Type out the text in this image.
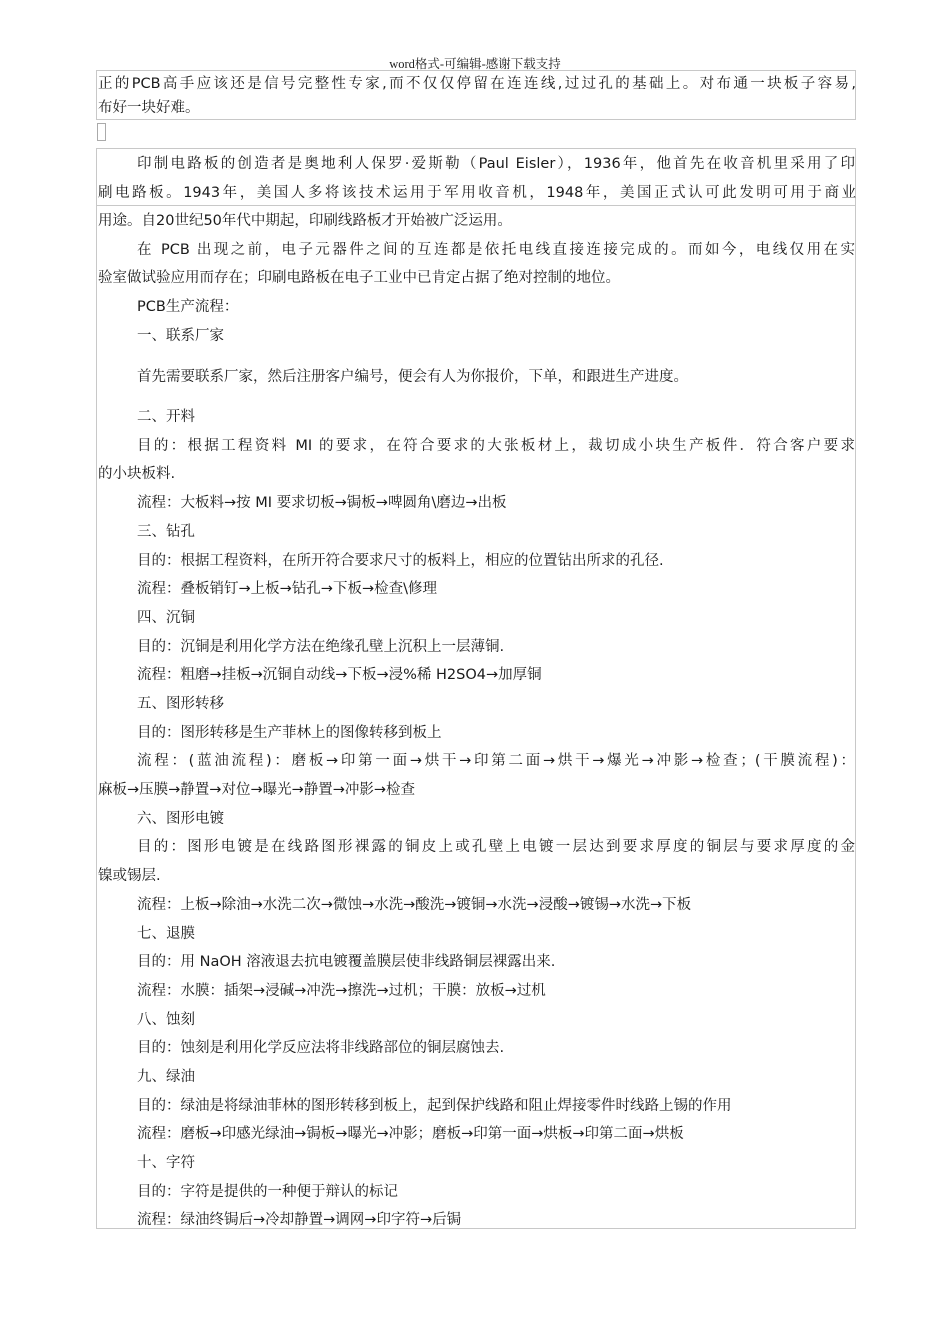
word格式-可编辑-感谢下载支持
正的PCB高手应该还是信号完整性专家,而不仅仅停留在连连线,过过孔的基础上。对布通一块板子容易,
布好一块好难。
印制电路板的创造者是奥地利人保罗·爱斯勒（Paul Eisler），1936年，他首先在收音机里采用了印
刷电路板。1943年，美国人多将该技术运用于军用收音机，1948年，美国正式认可此发明可用于商业
用途。自20世纪50年代中期起，印刷线路板才开始被广泛运用。
在 PCB 出现之前，电子元器件之间的互连都是依托电线直接连接完成的。而如今，电线仅用在实
验室做试验应用而存在；印刷电路板在电子工业中已肯定占据了绝对控制的地位。
PCB生产流程：
一、联系厂家
首先需要联系厂家，然后注册客户编号，便会有人为你报价，下单，和跟进生产进度。
二、开料
目的：根据工程资料 MI 的要求，在符合要求的大张板材上，裁切成小块生产板件．符合客户要求
的小块板料.
流程：大板料→按 MI 要求切板→锔板→啤圆角\磨边→出板
三、钻孔
目的：根据工程资料，在所开符合要求尺寸的板料上，相应的位置钻出所求的孔径.
流程：叠板销钉→上板→钻孔→下板→检查\修理
四、沉铜
目的：沉铜是利用化学方法在绝缘孔壁上沉积上一层薄铜.
流程：粗磨→挂板→沉铜自动线→下板→浸%稀 H2SO4→加厚铜
五、图形转移
目的：图形转移是生产菲林上的图像转移到板上
流程：(蓝油流程)：磨板→印第一面→烘干→印第二面→烘干→爆光→冲影→检查；(干膜流程)：
麻板→压膜→静置→对位→曝光→静置→冲影→检查
六、图形电镀
目的：图形电镀是在线路图形裸露的铜皮上或孔壁上电镀一层达到要求厚度的铜层与要求厚度的金
镍或锡层.
流程：上板→除油→水洗二次→微蚀→水洗→酸洗→镀铜→水洗→浸酸→镀锡→水洗→下板
七、退膜
目的：用 NaOH 溶液退去抗电镀覆盖膜层使非线路铜层裸露出来.
流程：水膜：插架→浸碱→冲洗→擦洗→过机；干膜：放板→过机
八、蚀刻
目的：蚀刻是利用化学反应法将非线路部位的铜层腐蚀去.
九、绿油
目的：绿油是将绿油菲林的图形转移到板上，起到保护线路和阻止焊接零件时线路上锡的作用
流程：磨板→印感光绿油→锔板→曝光→冲影；磨板→印第一面→烘板→印第二面→烘板
十、字符
目的：字符是提供的一种便于辩认的标记
流程：绿油终锔后→冷却静置→调网→印字符→后锔
